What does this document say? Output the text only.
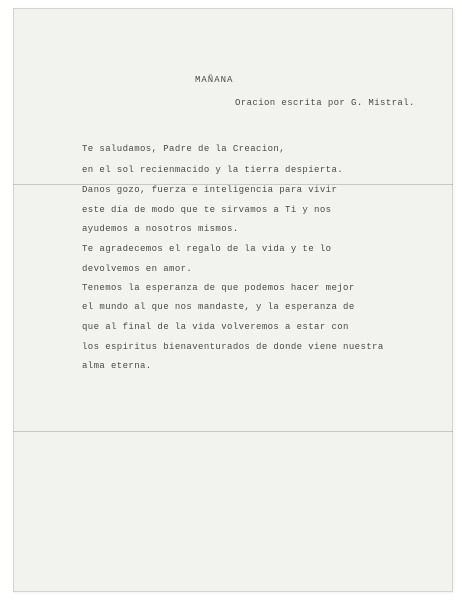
MAÑANA
Oracion escrita por G. Mistral.
Te saludamos, Padre de la Creacion,
en el sol recienmacido y la tierra despierta.
Danos gozo, fuerza e inteligencia para vivir
este día de modo que te sirvamos a Ti y nos
ayudemos a nosotros mismos.
Te agradecemos el regalo de la vida y te lo
devolvemos en amor.
Tenemos la esperanza de que podemos hacer mejor
el mundo al que nos mandaste, y la esperanza de
que al final de la vida volveremos a estar con
los espiritus bienaventurados de donde viene nuestra
alma eterna.
